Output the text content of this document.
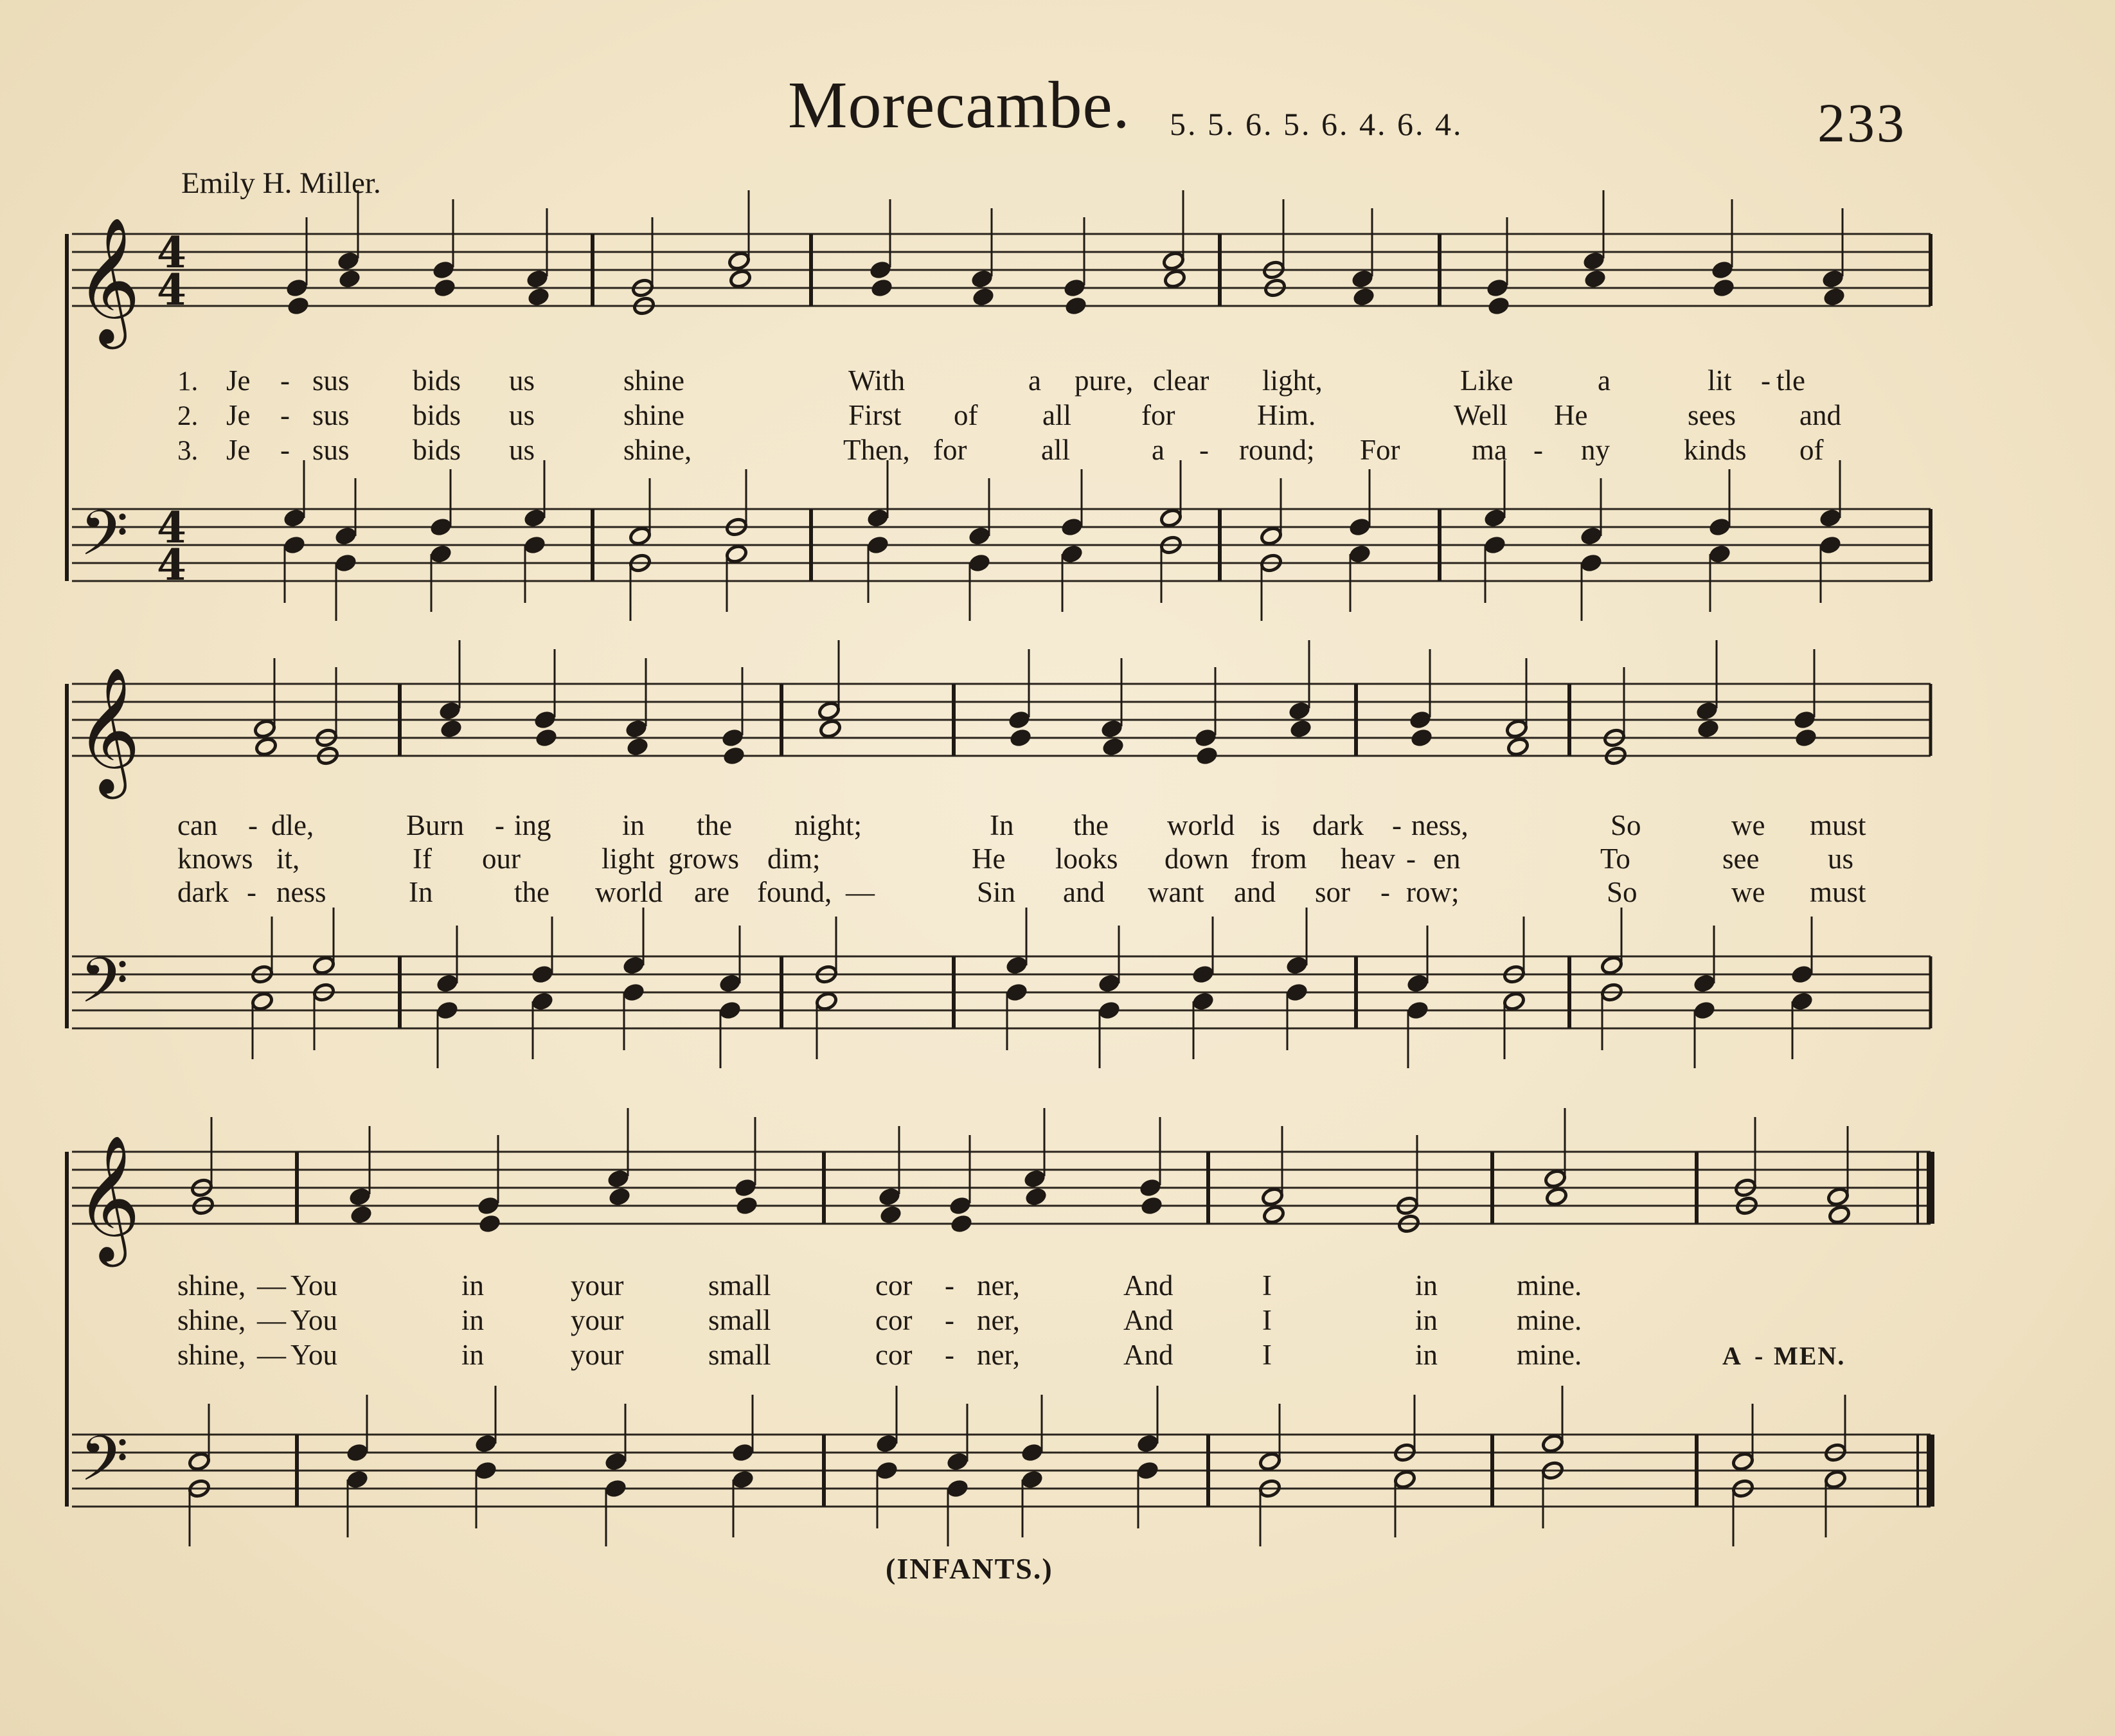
Morecambe. 5. 5. 6. 5. 6. 4. 6. 4.	233
Emily H. Miller.
(INFANTS.)
𝄞
𝄢
4
4
4
4
𝄞
𝄢
𝄞
𝄢
1.
2.
3.
Je - sus bids us	shine	With	a pure, clear light,	Like	a	lit - tle
Je - sus bids us	shine	First of all for	Him.	Well He	sees and
Je - sus bids us	shine,	Then, for	all	a - round; For ma - ny	kinds of
can - dle,	Burn - ing in the night;	In the world is dark - ness,	So	we must
knows it,	If our	light grows dim;	He looks down from heav - en	To	see us
dark - ness	In	the world are found, —	Sin and want and sor - row;	So	we must
shine, — You	in	your	small	cor - ner,	And	I	in	mine.
shine, — You	in	your	small	cor - ner,	And	I	in	mine.
shine, — You	in	your	small	cor - ner,	And	I	in	mine.	A - MEN.
